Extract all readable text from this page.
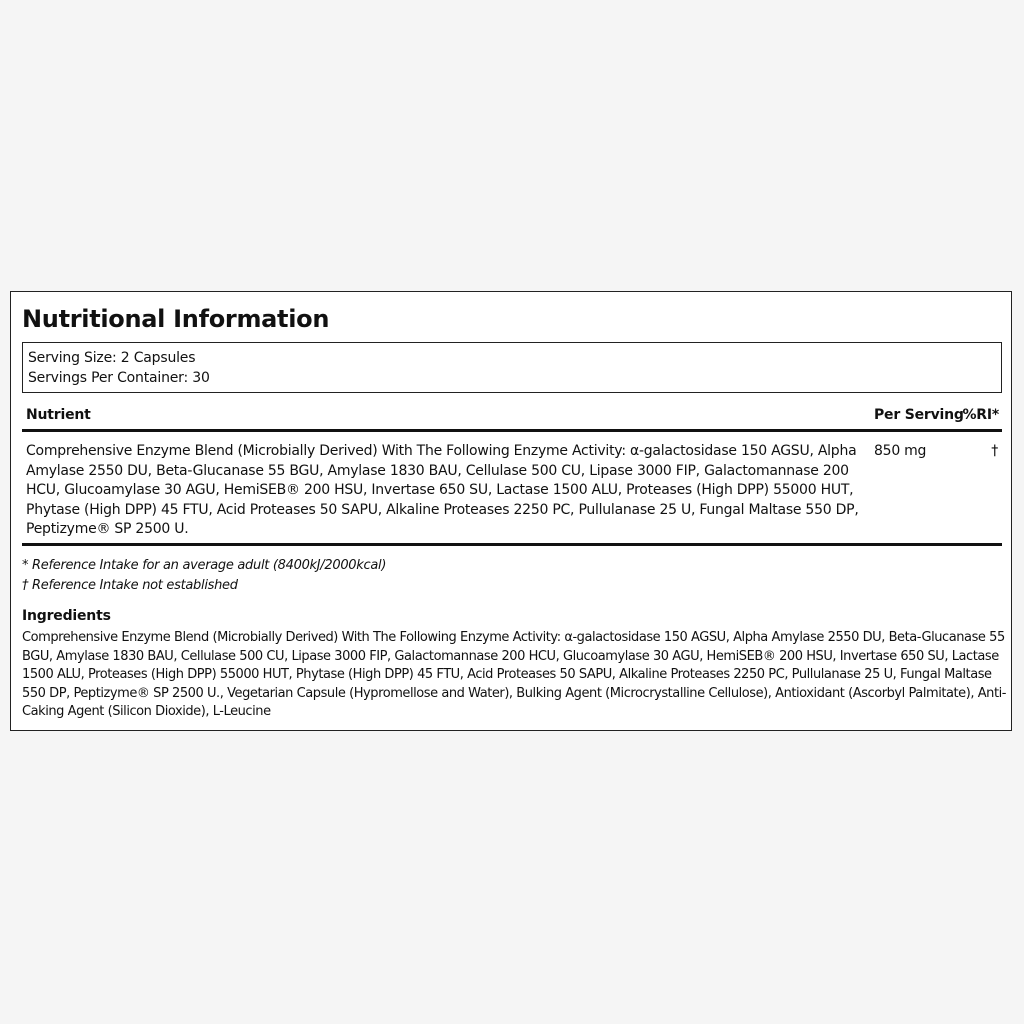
Nutritional Information
Serving Size: 2 Capsules
Servings Per Container: 30
Nutrient	Per Serving
%RI*
Comprehensive Enzyme Blend (Microbially Derived) With The Following Enzyme Activity: α-galactosidase 150 AGSU, Alpha Amylase 2550 DU, Beta-Glucanase 55 BGU, Amylase 1830 BAU, Cellulase 500 CU, Lipase 3000 FIP, Galactomannase 200 HCU, Glucoamylase 30 AGU, HemiSEB® 200 HSU, Invertase 650 SU, Lactase 1500 ALU, Proteases (High DPP) 55000 HUT, Phytase (High DPP) 45 FTU, Acid Proteases 50 SAPU, Alkaline Proteases 2250 PC, Pullulanase 25 U, Fungal Maltase 550 DP, Peptizyme® SP 2500 U.
850 mg	†
* Reference Intake for an average adult (8400kJ/2000kcal)
† Reference Intake not established
Ingredients

Comprehensive Enzyme Blend (Microbially Derived) With The Following Enzyme Activity: α-galactosidase 150 AGSU, Alpha Amylase 2550 DU, Beta-Glucanase 55 BGU, Amylase 1830 BAU, Cellulase 500 CU, Lipase 3000 FIP, Galactomannase 200 HCU, Glucoamylase 30 AGU, HemiSEB® 200 HSU, Invertase 650 SU, Lactase 1500 ALU, Proteases (High DPP) 55000 HUT, Phytase (High DPP) 45 FTU, Acid Proteases 50 SAPU, Alkaline Proteases 2250 PC, Pullulanase 25 U, Fungal Maltase 550 DP, Peptizyme® SP 2500 U., Vegetarian Capsule (Hypromellose and Water), Bulking Agent (Microcrystalline Cellulose), Antioxidant (Ascorbyl Palmitate), Anti-Caking Agent (Silicon Dioxide), L-Leucine
